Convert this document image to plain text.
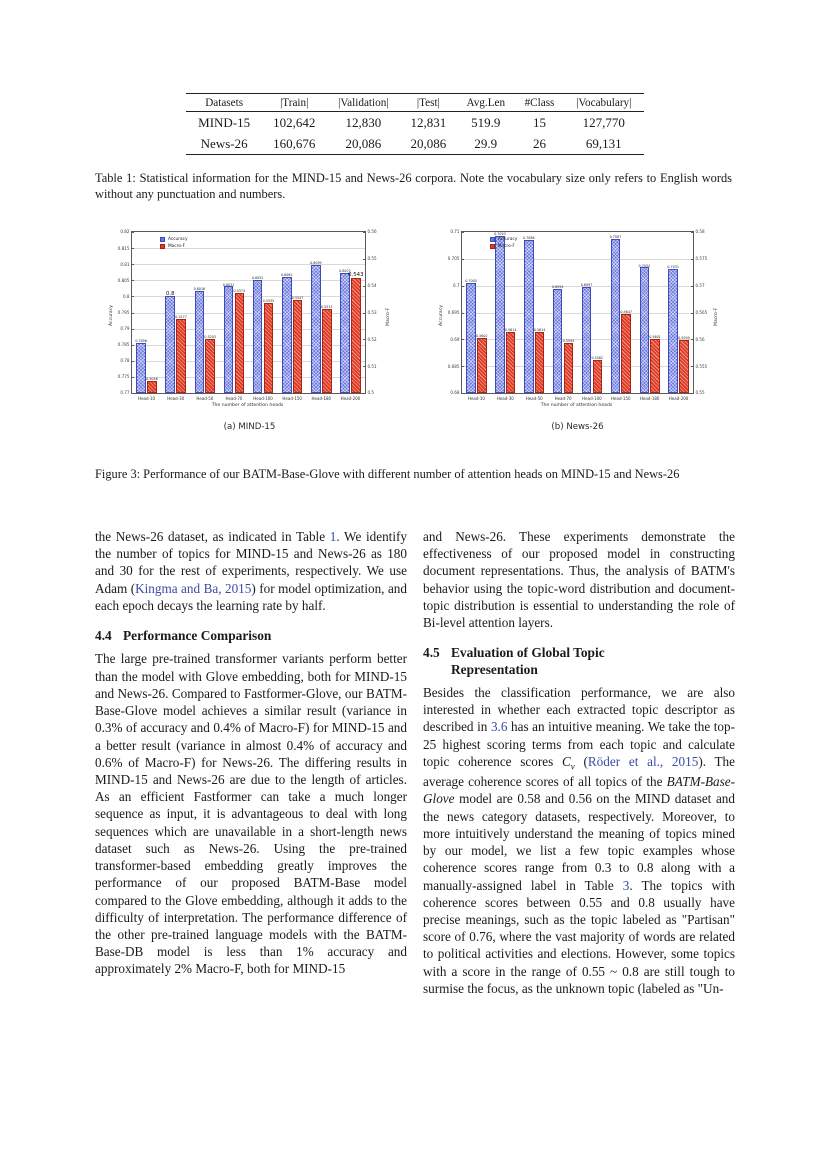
Datasets	|Train|	|Validation|	|Test|	Avg.Len	#Class	|Vocabulary|
MIND-15	102,642	12,830	12,831	519.9	15	127,770
News-26	160,676	20,086	20,086	29.9	26	69,131
Table 1: Statistical information for the MIND-15 and News-26 corpora. Note the vocabulary size only refers to English words without any punctuation and numbers.
0.77
0.775
0.78
0.785
0.79
0.795
0.8
0.805
0.81
0.815
0.82
0.5
0.51
0.52
0.53
0.54
0.55
0.56
0.7856
0.5046
Head-10
0.8
0.5277
Head-30
0.8016
0.5203
Head-50
0.8031
0.5374
Head-70
0.8052
0.5335
Head-100
0.8061
0.5347
Head-150
0.8099
0.5313
Head-180
0.8072
0.543
Head-200
Accuracy
Macro-F
Accuracy	Macro-F
The number of attention heads
(a) MIND-15
0.68
0.685
0.69
0.695
0.7
0.705
0.71
0.55
0.555
0.56
0.565
0.57
0.575
0.58
0.7005
0.5602
Head-10
0.7093
0.5614
Head-30
0.7086
0.5614
Head-50
0.6994
0.5594
Head-70
0.6997
0.5562
Head-100
0.7087
0.5647
Head-150
0.7034
0.5601
Head-180
0.7031
0.5599
Head-200
Accuracy
Macro-F
Accuracy	Macro-F
The number of attention heads
(b) News-26
Figure 3: Performance of our BATM-Base-Glove with different number of attention heads on MIND-15 and News-26

the News-26 dataset, as indicated in Table 1. We identify the number of topics for MIND-15 and News-26 as 180 and 30 for the rest of experiments, respectively. We use Adam (Kingma and Ba, 2015) for model optimization, and each epoch decays the learning rate by half.

4.4 Performance Comparison

The large pre-trained transformer variants perform better than the model with Glove embedding, both for MIND-15 and News-26. Compared to Fastformer-Glove, our BATM-Base-Glove model achieves a similar result (variance in 0.3% of accuracy and 0.4% of Macro-F) for MIND-15 and a better result (variance in almost 0.4% of accuracy and 0.6% of Macro-F) for News-26. The differing results in MIND-15 and News-26 are due to the length of articles. As an efficient Fastformer can take a much longer sequence as input, it is advantageous to deal with long sequences which are unavailable in a short-length news dataset such as News-26. Using the pre-trained transformer-based embedding greatly improves the performance of our proposed BATM-Base model compared to the Glove embedding, although it adds to the difficulty of interpretation. The performance difference of the other pre-trained language models with the BATM-Base-DB model is less than 1% accuracy and approximately 2% Macro-F, both for MIND-15

and News-26. These experiments demonstrate the effectiveness of our proposed model in constructing document representations. Thus, the analysis of BATM's behavior using the topic-word distribution and document-topic distribution is essential to understanding the role of Bi-level attention layers.

4.5 Evaluation of Global Topic
Representation

Besides the classification performance, we are also interested in whether each extracted topic descriptor as described in 3.6 has an intuitive meaning. We take the top-25 highest scoring terms from each topic and calculate topic coherence scores $C_v$ (Röder et al., 2015). The average coherence scores of all topics of the BATM-Base-Glove model are 0.58 and 0.56 on the MIND dataset and the news category datasets, respectively. Moreover, to more intuitively understand the meaning of topics mined by our model, we list a few topic examples whose coherence scores range from 0.3 to 0.8 along with a manually-assigned label in Table 3. The topics with coherence scores between 0.55 and 0.8 usually have precise meanings, such as the topic labeled as "Partisan" score of 0.76, where the vast majority of words are related to political activities and elections. However, some topics with a score in the range of 0.55 ~ 0.8 are still tough to surmise the focus, as the unknown topic (labeled as "Un-
